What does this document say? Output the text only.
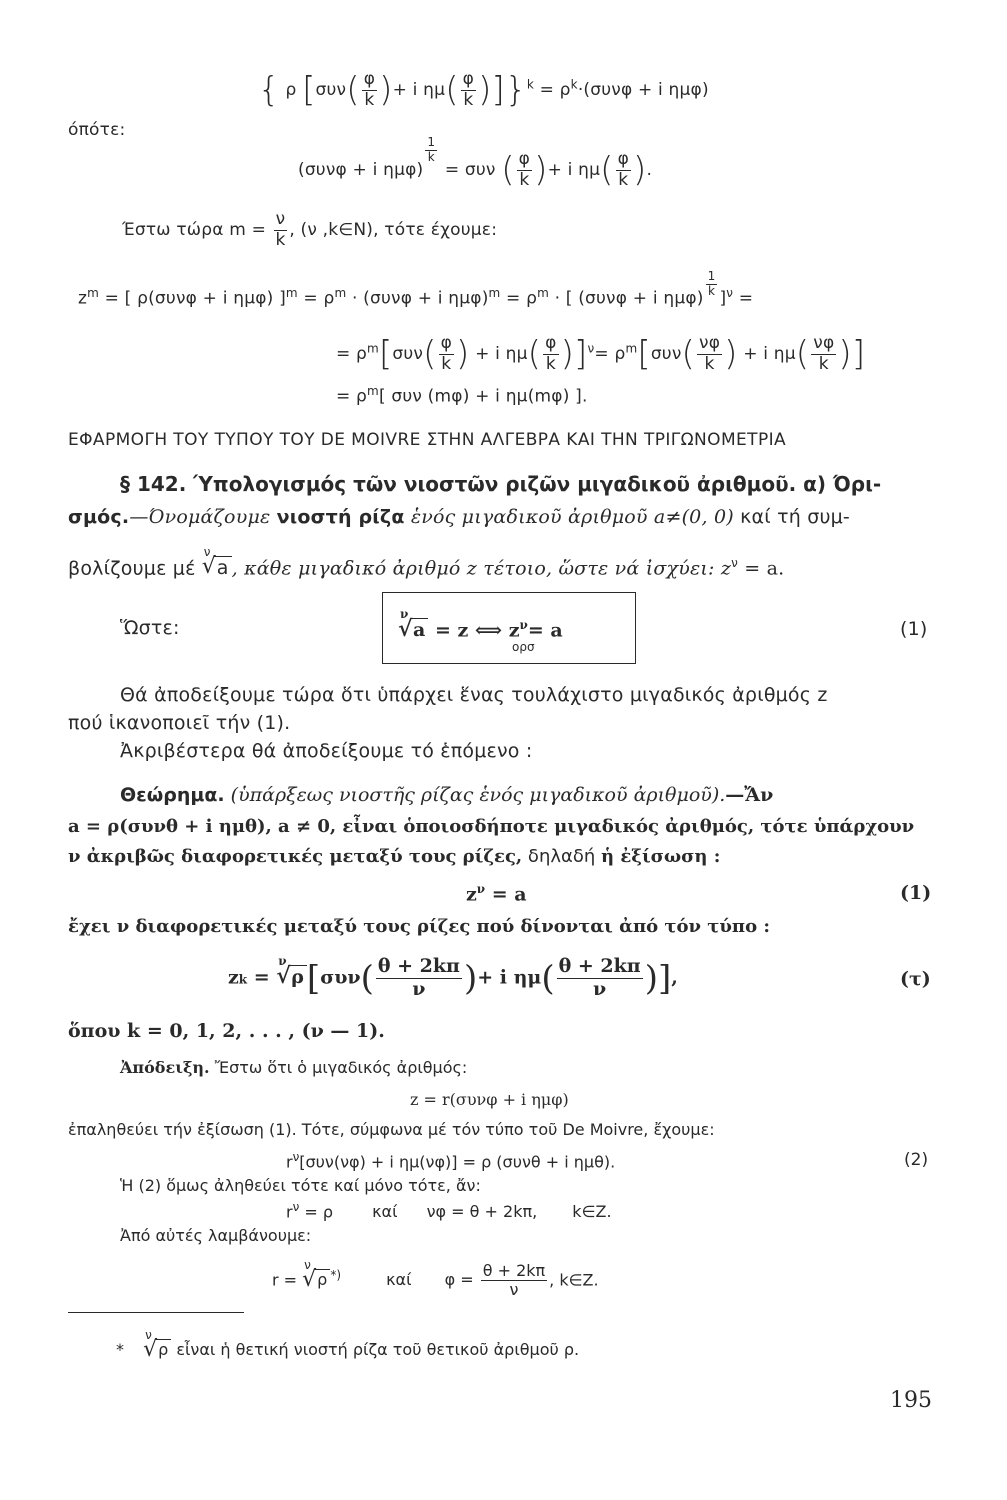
{ ρ [$\sigma\upsilon\nu( \frac{\varphi}{k}$ )+ i $\eta\mu( \frac{\varphi}{k} )]\}^k = \rho^k\cdot(\sigma\upsilon\nu\varphi + i$ ημφ)
όπότε:
(συνφ + i ημφ)
$\frac{1}{k}$
= συν ( $\frac{\varphi}{k}$ )+ i $\eta\mu( \frac{\varphi}{k}$ ).
Έστω τώρα $m = \frac{\nu}{k}$ , (ν ,k∈N), τότε έχουμε:
$z^m$ = [ ρ(συνφ + i ημφ) ]$^m = \rho^m \cdot (\sigma\upsilon\nu\varphi + i$ $\eta\mu\varphi)^m = \rho^m$ · [ (συνφ + i ημφ)
$\frac{1}{k}$
]$^\nu$ =
= $\rho^m[\sigma\upsilon\nu( \frac{\varphi}{k}$ ) + i $\eta\mu( \frac{\varphi}{k} )]^\nu= \rho^m[\sigma\upsilon\nu( \frac{\nu\varphi}{k}$ ) + i $\eta\mu( \frac{\nu\varphi}{k}$ )]
= $\rho^m$[ συν (mφ) + i ημ(mφ) ].
ΕΦΑΡΜΟΓΗ ΤΟΥ ΤΥΠΟΥ ΤΟΥ DE MOIVRE ΣΤΗΝ ΑΛΓΕΒΡΑ ΚΑΙ ΤΗΝ ΤΡΙΓΩΝΟΜΕΤΡΙΑ
§ 142. Ύπολογισμός τῶν νιοστῶν ριζῶν μιγαδικοῦ ἀριθμοῦ. α) Όρι-
σμός.—Όνομάζουμε νιοστή ρίζα ἑνός μιγαδικοῦ ἀριθμοῦ a≠(0, 0) καί τή συμ-
βολίζουμε μέ
√ ν
a , κάθε μιγαδικό ἀριθμό z τέτοιο, ὥστε νά ἰσχύει: $z^\nu = a$.
Ὥστε:
√ ν
a = z ⟺ $z^\nu= a$
ορσ
(1)
Θά ἀποδείξουμε τώρα ὅτι ὑπάρχει ἕνας τουλάχιστο μιγαδικός ἀριθμός z
πού ἱκανοποιεῖ τήν (1).
Ἀκριβέστερα θά ἀποδείξουμε τό ἑπόμενο :
Θεώρημα. (ὑπάρξεως νιοστῆς ρίζας ἑνός μιγαδικοῦ ἀριθμοῦ).—Ἄν
a = ρ(συνθ + i ημθ), a ≠ 0, εἶναι ὁποιοσδήποτε μιγαδικός ἀριθμός, τότε ὑπάρχουν
ν ἀκριβῶς διαφορετικές μεταξύ τους ρίζες, δηλαδή ἡ ἐξίσωση :
$z^\nu = a$	(1)
ἔχει ν διαφορετικές μεταξύ τους ρίζες πού δίνονται ἀπό τόν τύπο :
zk =
√ ν
$\rho[\sigma\upsilon\nu( \frac{\theta + 2k\pi}{\nu}$ )+ i $\eta\mu( \frac{\theta + 2k\pi}{\nu}$ )],	(τ)
ὅπου k = 0, 1, 2, . . . , (ν — 1).
Ἀπόδειξη. Ἔστω ὅτι ὁ μιγαδικός ἀριθμός:
z = r(συνφ + i ημφ)
ἐπαληθεύει τήν ἐξίσωση (1). Τότε, σύμφωνα μέ τόν τύπο τοῦ De Moivre, ἔχουμε:
$r^\nu[\sigma\upsilon\nu(\nu\varphi) + i$ ημ(νφ)] = ρ (συνθ + i ημθ).	(2)
Ἡ (2) ὅμως ἀληθεύει τότε καί μόνο τότε, ἄν:
$r^\nu = \rho$ καί νφ = θ + 2kπ, k∈Z.
Ἀπό αὐτές λαμβάνουμε:
r =
√ ν
ρ *)	καί $\varphi = \frac{\theta + 2k\pi}{\nu}$ , k∈Z.
*
√ ν
ρ εἶναι ἡ θετική νιοστή ρίζα τοῦ θετικοῦ ἀριθμοῦ ρ.
195
